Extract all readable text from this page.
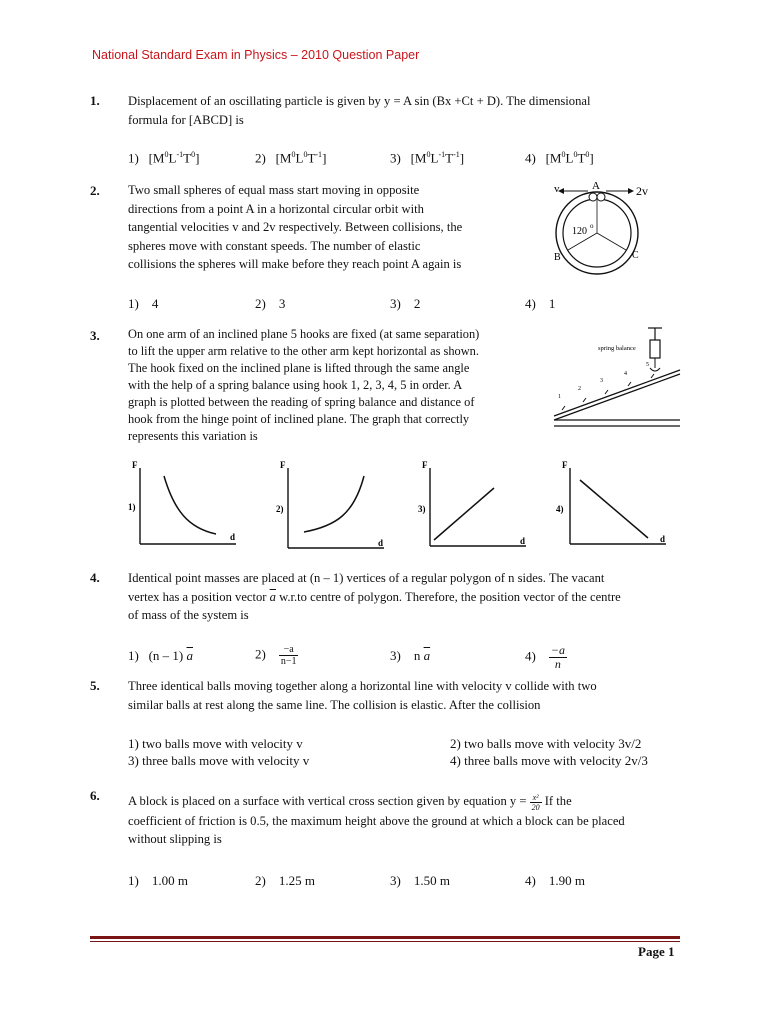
National Standard Exam in Physics – 2010 Question Paper
1. Displacement of an oscillating particle is given by y = A sin (Bx +Ct + D). The dimensional
formula for [ABCD] is
1) $[M^0L^{-1}T^0]$	2) $[M^0L^0T^{-1}]$	3) $[M^0L^{-1}T^{-1}]$	4) $[M^0L^0T^0]$
2. Two small spheres of equal mass start moving in opposite
directions from a point A in a horizontal circular orbit with
tangential velocities v and 2v respectively. Between collisions, the
spheres move with constant speeds. The number of elastic
collisions the spheres will make before they reach point A again is
v	A	2v
120 o
B	C
1) 4	2) 3	3) 2	4) 1
3. On one arm of an inclined plane 5 hooks are fixed (at same separation)
to lift the upper arm relative to the other arm kept horizontal as shown.
The hook fixed on the inclined plane is lifted through the same angle
with the help of a spring balance using hook 1, 2, 3, 4, 5 in order. A
graph is plotted between the reading of spring balance and distance of
hook from the hinge point of inclined plane. The graph that correctly
represents this variation is
spring balance
1
2
3
4
5
F
d
1)
F
d
2)
F
d
3)
F
d
4)
4. Identical point masses are placed at (n – 1) vertices of a regular polygon of n sides. The vacant
vertex has a position vector $\overline{a}$ w.r.to centre of polygon. Therefore, the position vector of the centre
of mass of the system is
1) (n – 1) $\overline{a}$	$2) \frac{-a}{n-1}$	3) n $\overline{a}$	$4) \frac{-a}{n}$
5. Three identical balls moving together along a horizontal line with velocity v collide with two
similar balls at rest along the same line. The collision is elastic. After the collision
1) two balls move with velocity v	2) two balls move with velocity 3v/2
3) three balls move with velocity v	4) three balls move with velocity 2v/3
6. A block is placed on a surface with vertical cross section given by equation $y = \frac{\text{x²}}{20}$ If the
coefficient of friction is 0.5, the maximum height above the ground at which a block can be placed
without slipping is
1) 1.00 m	2) 1.25 m	3) 1.50 m	4) 1.90 m
Page 1
